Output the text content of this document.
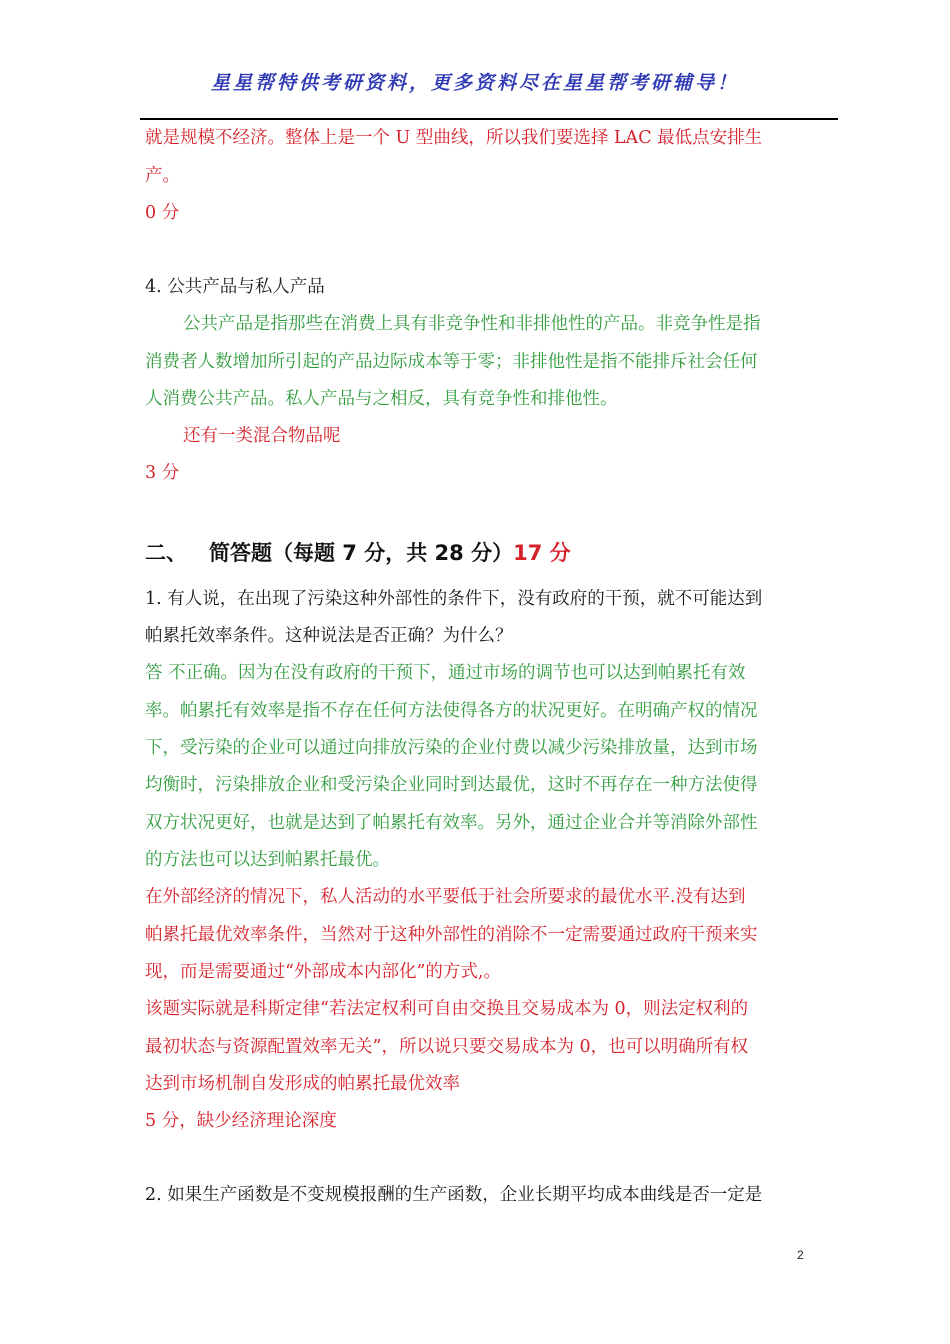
星星帮特供考研资料，更多资料尽在星星帮考研辅导！
就是规模不经济。整体上是一个 U 型曲线，所以我们要选择 LAC 最低点安排生
产。
0 分
4. 公共产品与私人产品
公共产品是指那些在消费上具有非竞争性和非排他性的产品。非竞争性是指
消费者人数增加所引起的产品边际成本等于零；非排他性是指不能排斥社会任何
人消费公共产品。私人产品与之相反，具有竞争性和排他性。
还有一类混合物品呢
3 分
二、 简答题（每题 7 分，共 28 分）17 分
1. 有人说，在出现了污染这种外部性的条件下，没有政府的干预，就不可能达到
帕累托效率条件。这种说法是否正确？为什么？
答 不正确。因为在没有政府的干预下，通过市场的调节也可以达到帕累托有效
率。帕累托有效率是指不存在任何方法使得各方的状况更好。在明确产权的情况
下，受污染的企业可以通过向排放污染的企业付费以减少污染排放量，达到市场
均衡时，污染排放企业和受污染企业同时到达最优，这时不再存在一种方法使得
双方状况更好，也就是达到了帕累托有效率。另外，通过企业合并等消除外部性
的方法也可以达到帕累托最优。
在外部经济的情况下，私人活动的水平要低于社会所要求的最优水平.没有达到
帕累托最优效率条件，当然对于这种外部性的消除不一定需要通过政府干预来实
现，而是需要通过“外部成本内部化”的方式,。
该题实际就是科斯定律“若法定权利可自由交换且交易成本为 0，则法定权利的
最初状态与资源配置效率无关”，所以说只要交易成本为 0，也可以明确所有权
达到市场机制自发形成的帕累托最优效率
5 分，缺少经济理论深度
2. 如果生产函数是不变规模报酬的生产函数，企业长期平均成本曲线是否一定是
2
